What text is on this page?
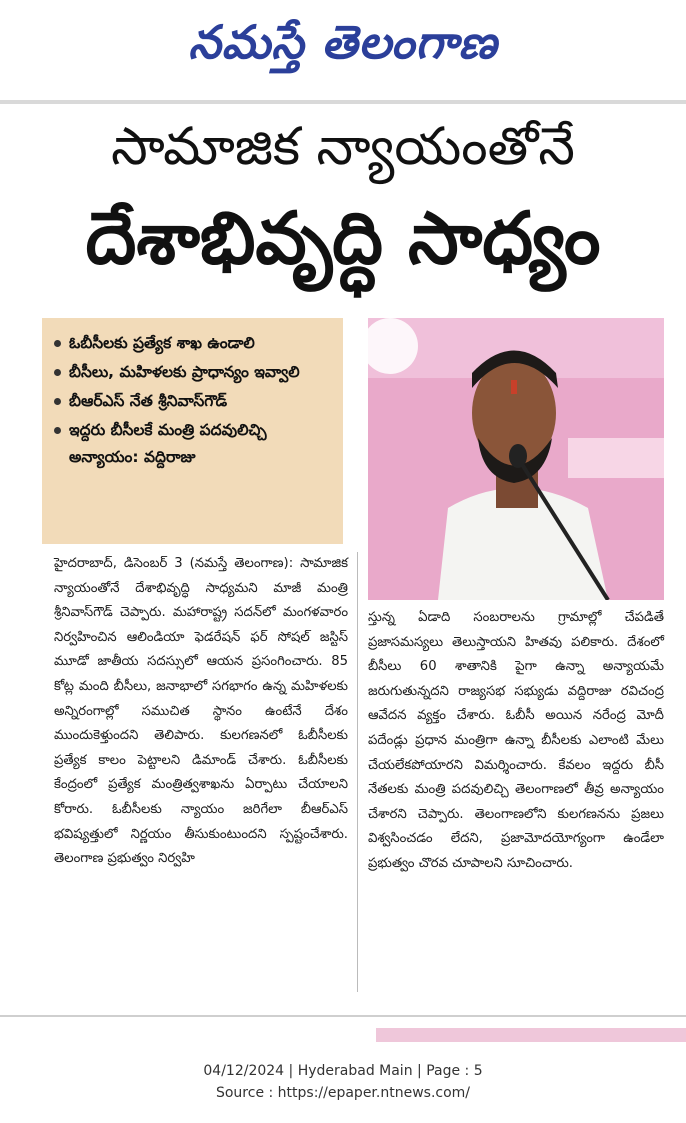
నమస్తే తెలంగాణ
సామాజిక న్యాయంతోనే
దేశాభివృద్ధి సాధ్యం
ఓబీసీలకు ప్రత్యేక శాఖ ఉండాలి
బీసీలు, మహిళలకు ప్రాధాన్యం ఇవ్వాలి
బీఆర్ఎస్ నేత శ్రీనివాస్‌గౌడ్
ఇద్దరు బీసీలకే మంత్రి పదవులిచ్చి అన్యాయం: వద్దిరాజు

హైదరాబాద్, డిసెంబర్ 3 (నమస్తే తెలంగాణ): సామాజిక న్యాయంతోనే దేశాభివృద్ధి సాధ్యమని మాజీ మంత్రి శ్రీనివాస్‌గౌడ్ చెప్పారు. మహారాష్ట్ర సదన్‌లో మంగళవారం నిర్వహించిన ఆలిండియా ఫెడరేషన్ ఫర్ సోషల్ జస్టిస్ మూడో జాతీయ సదస్సులో ఆయన ప్రసంగించారు. 85 కోట్ల మంది బీసీలు, జనాభాలో సగభాగం ఉన్న మహిళలకు అన్నిరంగాల్లో సముచిత స్థానం ఉంటేనే దేశం ముందుకెళ్తుందని తెలిపారు. కులగణనలో ఓబీసీలకు ప్రత్యేక కాలం పెట్టాలని డిమాండ్ చేశారు. ఓబీసీలకు కేంద్రంలో ప్రత్యేక మంత్రిత్వశాఖను ఏర్పాటు చేయాలని కోరారు. ఓబీసీలకు న్యాయం జరిగేలా బీఆర్ఎస్ భవిష్యత్తులో నిర్ణయం తీసుకుంటుందని స్పష్టంచేశారు. తెలంగాణ ప్రభుత్వం నిర్వహి

స్తున్న ఏడాది సంబరాలను గ్రామాల్లో చేపడితే ప్రజాసమస్యలు తెలుస్తాయని హితవు పలికారు. దేశంలో బీసీలు 60 శాతానికి పైగా ఉన్నా అన్యాయమే జరుగుతున్నదని రాజ్యసభ సభ్యుడు వద్దిరాజు రవిచంద్ర ఆవేదన వ్యక్తం చేశారు. ఓబీసీ అయిన నరేంద్ర మోదీ పదేండ్లు ప్రధాన మంత్రిగా ఉన్నా బీసీలకు ఎలాంటి మేలు చేయలేకపోయారని విమర్శించారు. కేవలం ఇద్దరు బీసీ నేతలకు మంత్రి పదవులిచ్చి తెలంగాణలో తీవ్ర అన్యాయం చేశారని చెప్పారు. తెలంగాణలోని కులగణనను ప్రజలు విశ్వసించడం లేదని, ప్రజామోదయోగ్యంగా ఉండేలా ప్రభుత్వం చొరవ చూపాలని సూచించారు.

04/12/2024 | Hyderabad Main | Page : 5
Source : https://epaper.ntnews.com/
